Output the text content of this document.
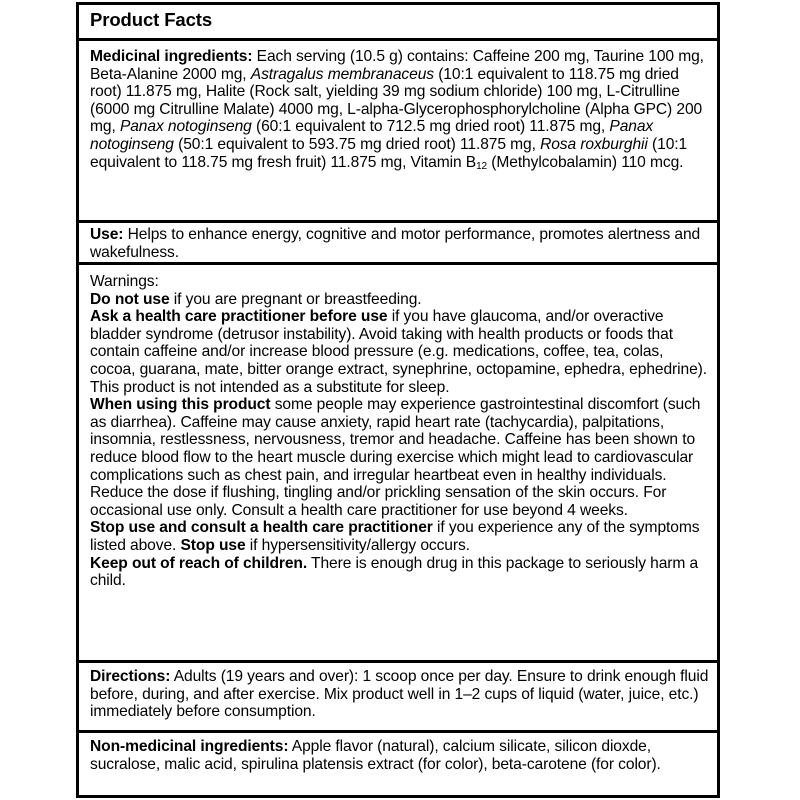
Product Facts
Medicinal ingredients: Each serving (10.5 g) contains: Caffeine 200 mg, Taurine 100 mg, Beta-Alanine 2000 mg, Astragalus membranaceus (10:1 equivalent to 118.75 mg dried root) 11.875 mg, Halite (Rock salt, yielding 39 mg sodium chloride) 100 mg, L-Citrulline (6000 mg Citrulline Malate) 4000 mg, L-alpha-Glycerophosphorylcholine (Alpha GPC) 200 mg, Panax notoginseng (60:1 equivalent to 712.5 mg dried root) 11.875 mg, Panax notoginseng (50:1 equivalent to 593.75 mg dried root) 11.875 mg, Rosa roxburghii (10:1 equivalent to 118.75 mg fresh fruit) 11.875 mg, Vitamin $B_{12}$ (Methylcobalamin) 110 mcg.
Use: Helps to enhance energy, cognitive and motor performance, promotes alertness and wakefulness.

Warnings:

Do not use if you are pregnant or breastfeeding.

Ask a health care practitioner before use if you have glaucoma, and/or overactive bladder syndrome (detrusor instability). Avoid taking with health products or foods that contain caffeine and/or increase blood pressure (e.g. medications, coffee, tea, colas, cocoa, guarana, mate, bitter orange extract, synephrine, octopamine, ephedra, ephedrine). This product is not intended as a substitute for sleep.

When using this product some people may experience gastrointestinal discomfort (such as diarrhea). Caffeine may cause anxiety, rapid heart rate (tachycardia), palpitations, insomnia, restlessness, nervousness, tremor and headache. Caffeine has been shown to reduce blood flow to the heart muscle during exercise which might lead to cardiovascular complications such as chest pain, and irregular heartbeat even in healthy individuals. Reduce the dose if flushing, tingling and/or prickling sensation of the skin occurs. For occasional use only. Consult a health care practitioner for use beyond 4 weeks.

Stop use and consult a health care practitioner if you experience any of the symptoms listed above. Stop use if hypersensitivity/allergy occurs.

Keep out of reach of children. There is enough drug in this package to seriously harm a child.

Directions: Adults (19 years and over): 1 scoop once per day. Ensure to drink enough fluid before, during, and after exercise. Mix product well in 1–2 cups of liquid (water, juice, etc.) immediately before consumption.
Non-medicinal ingredients: Apple flavor (natural), calcium silicate, silicon dioxde, sucralose, malic acid, spirulina platensis extract (for color), beta-carotene (for color).
